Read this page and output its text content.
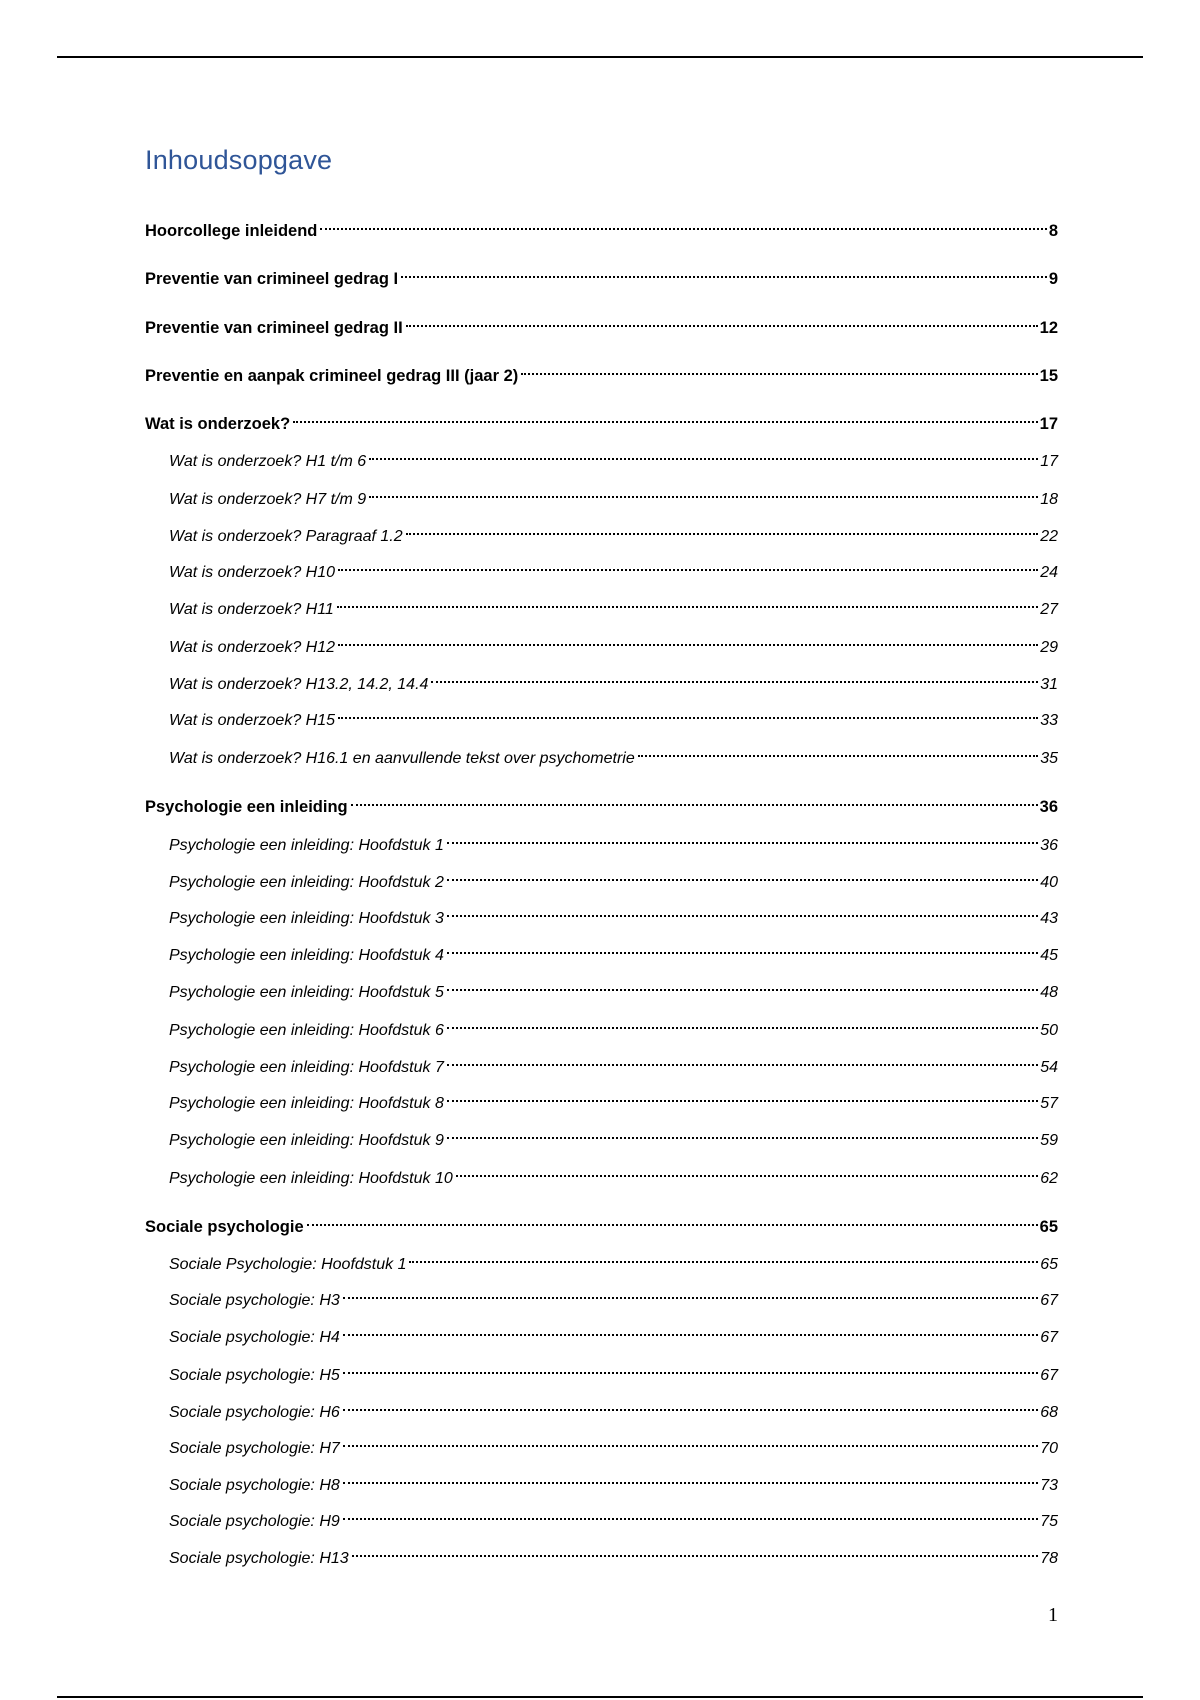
Inhoudsopgave
Hoorcollege inleidend	8
Preventie van crimineel gedrag I	9
Preventie van crimineel gedrag II	12
Preventie en aanpak crimineel gedrag III (jaar 2)	15
Wat is onderzoek?	17
Wat is onderzoek? H1 t/m 6	17
Wat is onderzoek? H7 t/m 9	18
Wat is onderzoek? Paragraaf 1.2	22
Wat is onderzoek? H10	24
Wat is onderzoek? H11	27
Wat is onderzoek? H12	29
Wat is onderzoek? H13.2, 14.2, 14.4	31
Wat is onderzoek? H15	33
Wat is onderzoek? H16.1 en aanvullende tekst over psychometrie	35
Psychologie een inleiding	36
Psychologie een inleiding: Hoofdstuk 1	36
Psychologie een inleiding: Hoofdstuk 2	40
Psychologie een inleiding: Hoofdstuk 3	43
Psychologie een inleiding: Hoofdstuk 4	45
Psychologie een inleiding: Hoofdstuk 5	48
Psychologie een inleiding: Hoofdstuk 6	50
Psychologie een inleiding: Hoofdstuk 7	54
Psychologie een inleiding: Hoofdstuk 8	57
Psychologie een inleiding: Hoofdstuk 9	59
Psychologie een inleiding: Hoofdstuk 10	62
Sociale psychologie	65
Sociale Psychologie: Hoofdstuk 1	65
Sociale psychologie: H3	67
Sociale psychologie: H4	67
Sociale psychologie: H5	67
Sociale psychologie: H6	68
Sociale psychologie: H7	70
Sociale psychologie: H8	73
Sociale psychologie: H9	75
Sociale psychologie: H13	78
1
